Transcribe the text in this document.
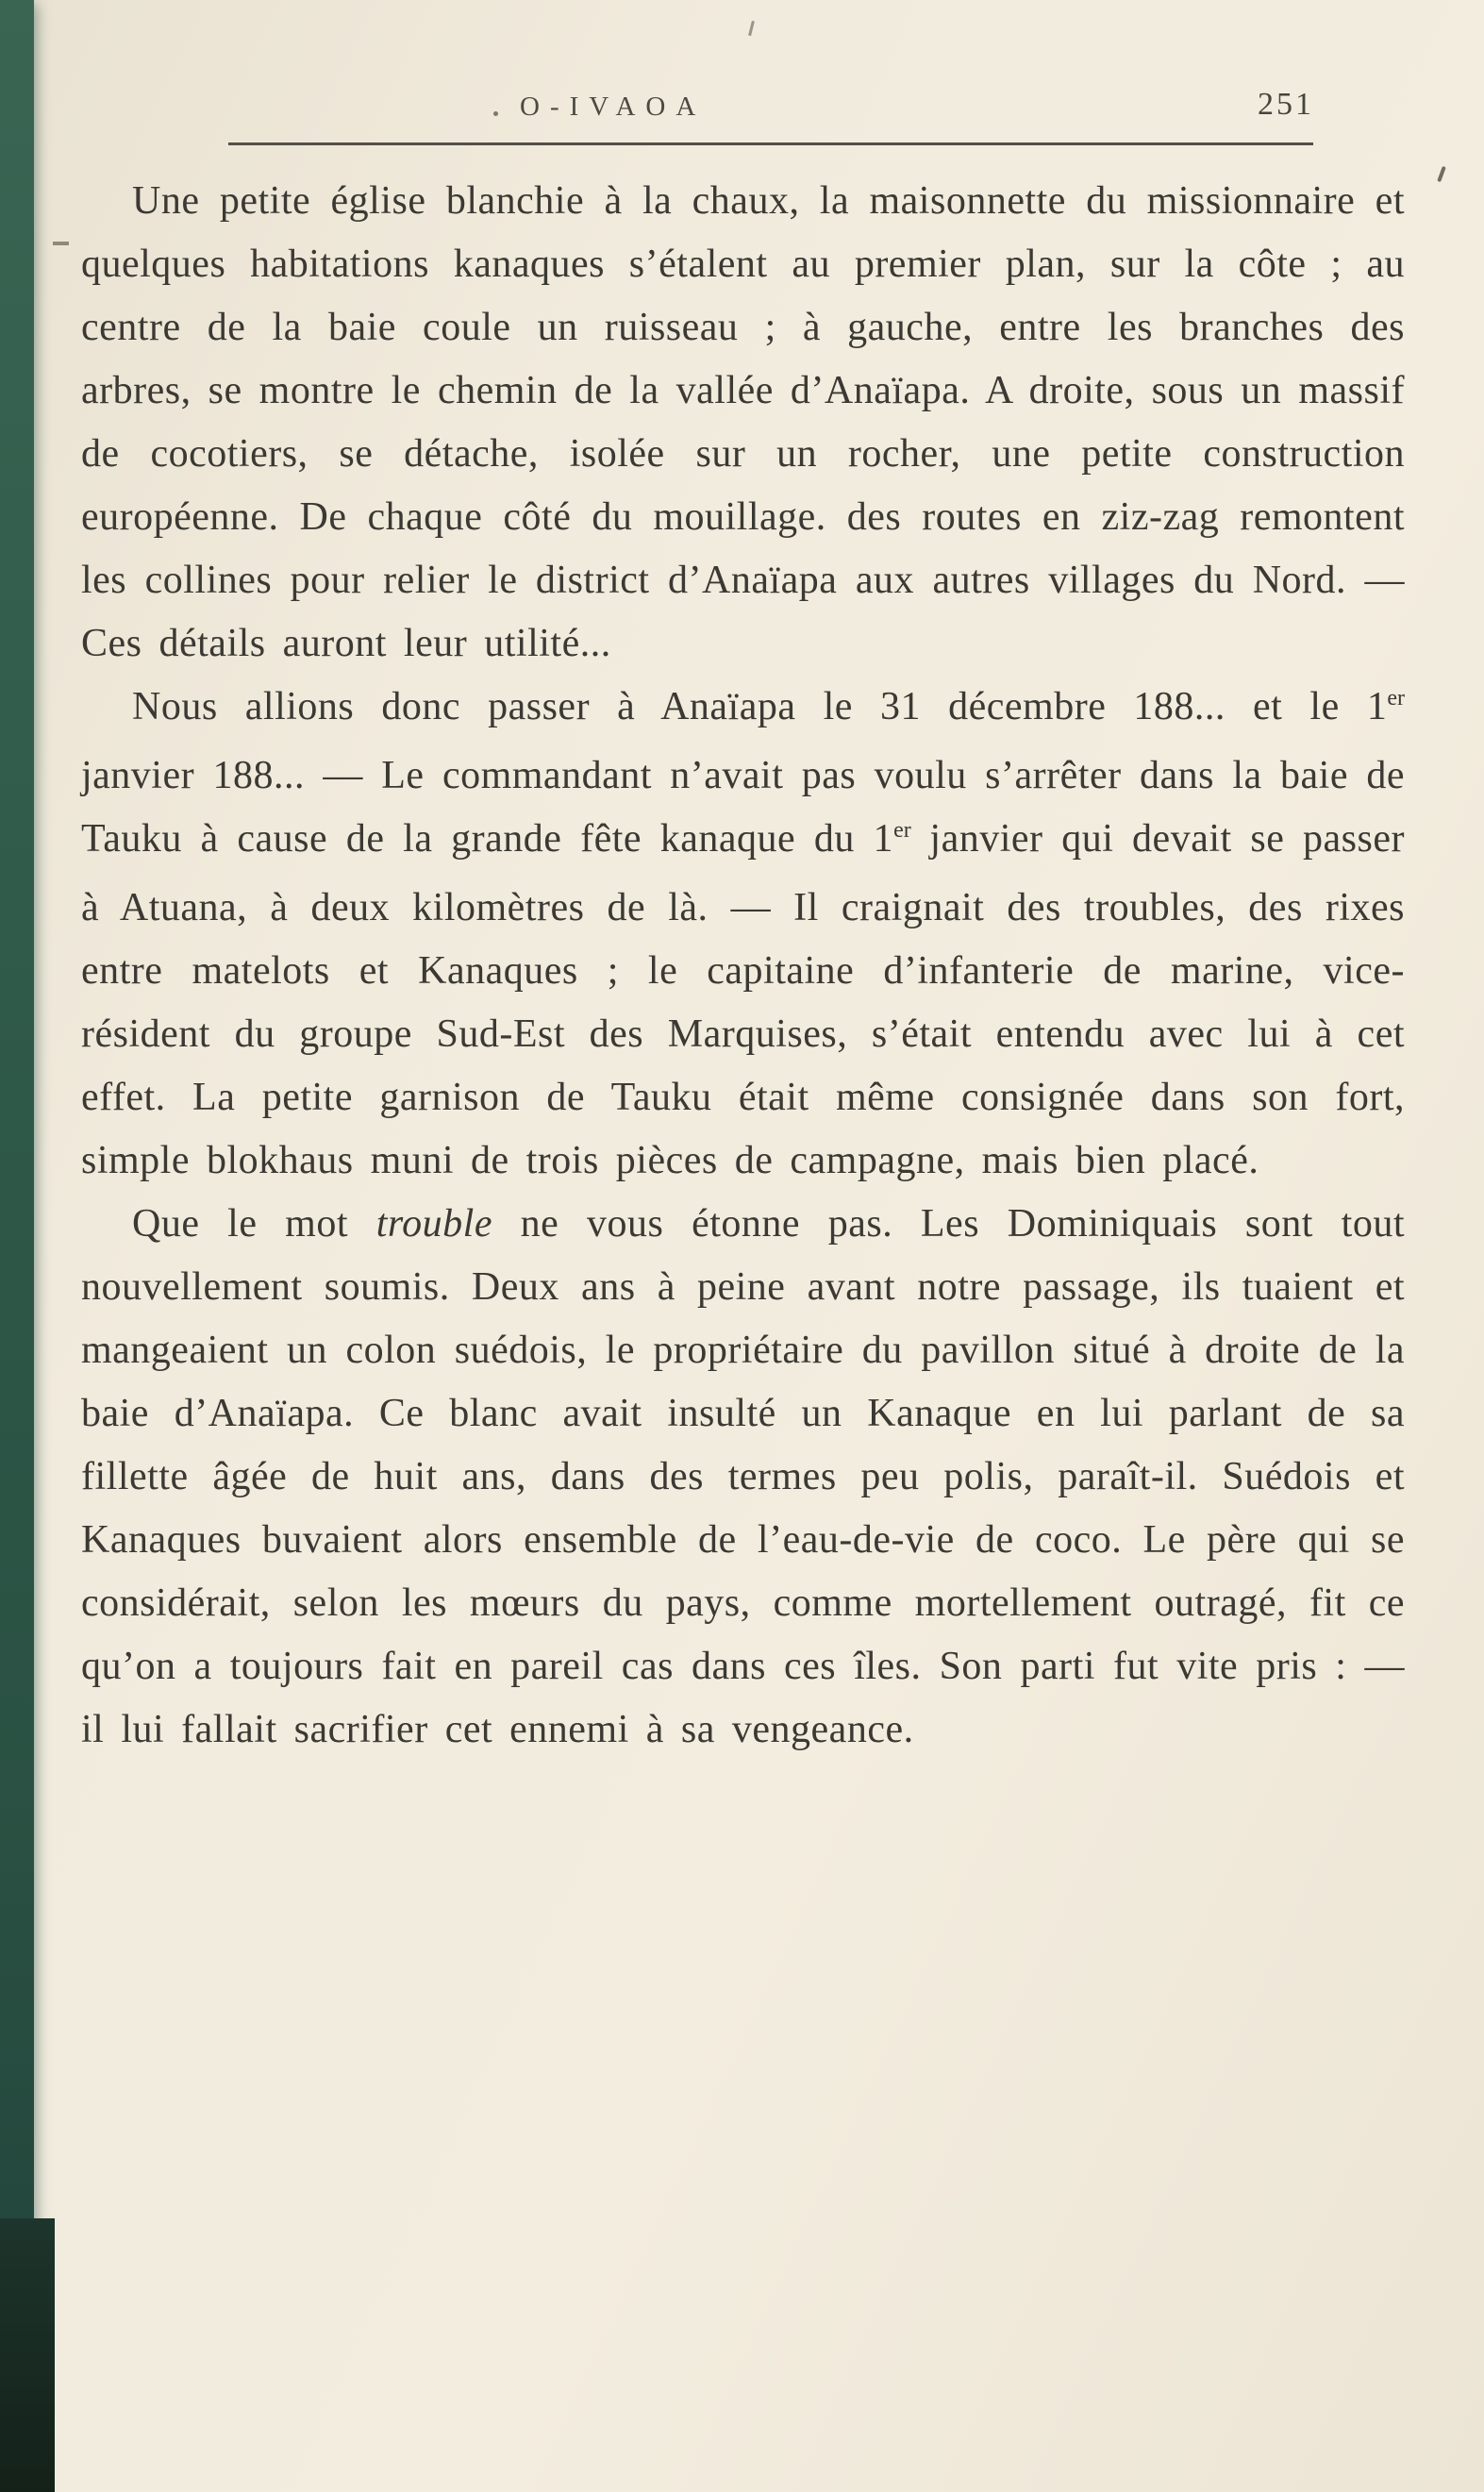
O-IVAOA	251

Une petite église blanchie à la chaux, la maisonnette du missionnaire et quelques habitations kanaques s’étalent au premier plan, sur la côte ; au centre de la baie coule un ruisseau ; à gauche, entre les branches des arbres, se montre le chemin de la vallée d’Anaïapa. A droite, sous un massif de cocotiers, se détache, isolée sur un rocher, une petite construction européenne. De chaque côté du mouillage. des routes en ziz-zag remontent les collines pour relier le district d’Anaïapa aux autres villages du Nord. — Ces détails auront leur utilité...

Nous allions donc passer à Anaïapa le 31 décembre 188... et le 1er janvier 188... — Le commandant n’avait pas voulu s’arrêter dans la baie de Tauku à cause de la grande fête kanaque du 1er janvier qui devait se passer à Atuana, à deux kilomètres de là. — Il craignait des troubles, des rixes entre matelots et Kanaques ; le capitaine d’infanterie de marine, vice-résident du groupe Sud-Est des Marquises, s’était entendu avec lui à cet effet. La petite garnison de Tauku était même consignée dans son fort, simple blokhaus muni de trois pièces de campagne, mais bien placé.

Que le mot trouble ne vous étonne pas. Les Dominiquais sont tout nouvellement soumis. Deux ans à peine avant notre passage, ils tuaient et mangeaient un colon suédois, le propriétaire du pavillon situé à droite de la baie d’Anaïapa. Ce blanc avait insulté un Kanaque en lui parlant de sa fillette âgée de huit ans, dans des termes peu polis, paraît-il. Suédois et Kanaques buvaient alors ensemble de l’eau-de-vie de coco. Le père qui se considérait, selon les mœurs du pays, comme mortellement outragé, fit ce qu’on a toujours fait en pareil cas dans ces îles. Son parti fut vite pris : — il lui fallait sacrifier cet ennemi à sa vengeance.
